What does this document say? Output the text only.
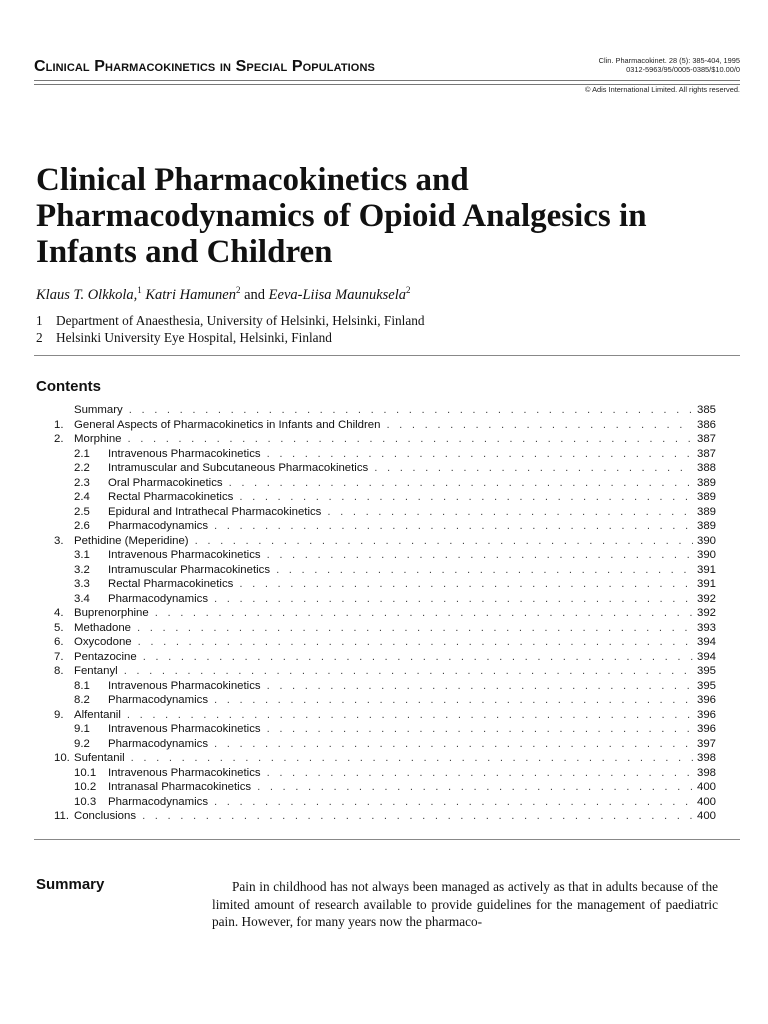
Clinical Pharmacokinetics in Special Populations	Clin. Pharmacokinet. 28 (5): 385-404, 1995
0312-5963/95/0005-0385/$10.00/0
© Adis International Limited. All rights reserved.
Clinical Pharmacokinetics and Pharmacodynamics of Opioid Analgesics in Infants and Children
Klaus T. Olkkola,$^1$ Katri Hamunen$^2$ and Eeva-Liisa Maunuksela$^2$
1	Department of Anaesthesia, University of Helsinki, Helsinki, Finland
2	Helsinki University Eye Hospital, Helsinki, Finland
Contents
Summary . . .	385
1. General Aspects of Pharmacokinetics in Infants and Children . . .	386
2. Morphine . . .	387
2.1	Intravenous Pharmacokinetics . . .	387
2.2	Intramuscular and Subcutaneous Pharmacokinetics . . .	388
2.3	Oral Pharmacokinetics . . .	389
2.4	Rectal Pharmacokinetics . . .	389
2.5	Epidural and Intrathecal Pharmacokinetics . . .	389
2.6	Pharmacodynamics . . .	389
3. Pethidine (Meperidine) . . .	390
3.1	Intravenous Pharmacokinetics . . .	390
3.2	Intramuscular Pharmacokinetics . . .	391
3.3	Rectal Pharmacokinetics . . .	391
3.4	Pharmacodynamics . . .	392
4. Buprenorphine . . .	392
5. Methadone . . .	393
6. Oxycodone . . .	394
7. Pentazocine . . .	394
8. Fentanyl . . .	395
8.1	Intravenous Pharmacokinetics . . .	395
8.2	Pharmacodynamics . . .	396
9. Alfentanil . . .	396
9.1	Intravenous Pharmacokinetics . . .	396
9.2	Pharmacodynamics . . .	397
10. Sufentanil . . .	398
10.1	Intravenous Pharmacokinetics . . .	398
10.2	Intranasal Pharmacokinetics . . .	400
10.3	Pharmacodynamics . . .	400
11. Conclusions . . .	400
Summary	Pain in childhood has not always been managed as actively as that in adults because of the limited amount of research available to provide guidelines for the management of paediatric pain. However, for many years now the pharmaco-
